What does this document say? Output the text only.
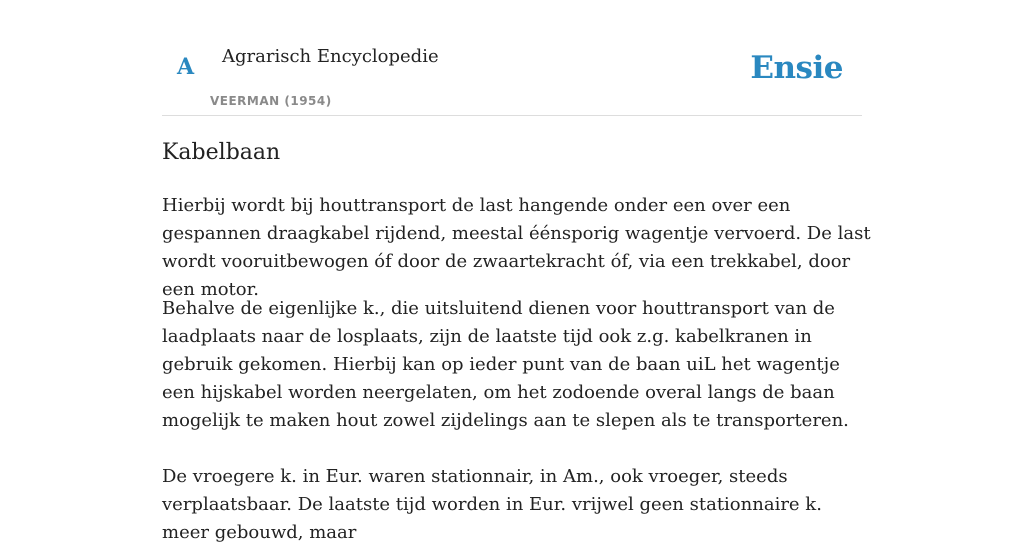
A Agrarisch Encyclopedie
VEERMAN (1954)
Ensie
Kabelbaan

Hierbij wordt bij houttransport de last hangende onder een over een gespannen draagkabel rijdend, meestal éénsporig wagentje vervoerd. De last wordt vooruitbewogen óf door de zwaartekracht óf, via een trekkabel, door een motor.

Behalve de eigenlijke k., die uitsluitend dienen voor houttransport van de laadplaats naar de losplaats, zijn de laatste tijd ook z.g. kabelkranen in gebruik gekomen. Hierbij kan op ieder punt van de baan uiL het wagentje een hijskabel worden neergelaten, om het zodoende overal langs de baan mogelijk te maken hout zowel zijdelings aan te slepen als te transporteren.

De vroegere k. in Eur. waren stationnair, in Am., ook vroeger, steeds verplaatsbaar. De laatste tijd worden in Eur. vrijwel geen stationnaire k. meer gebouwd, maar
